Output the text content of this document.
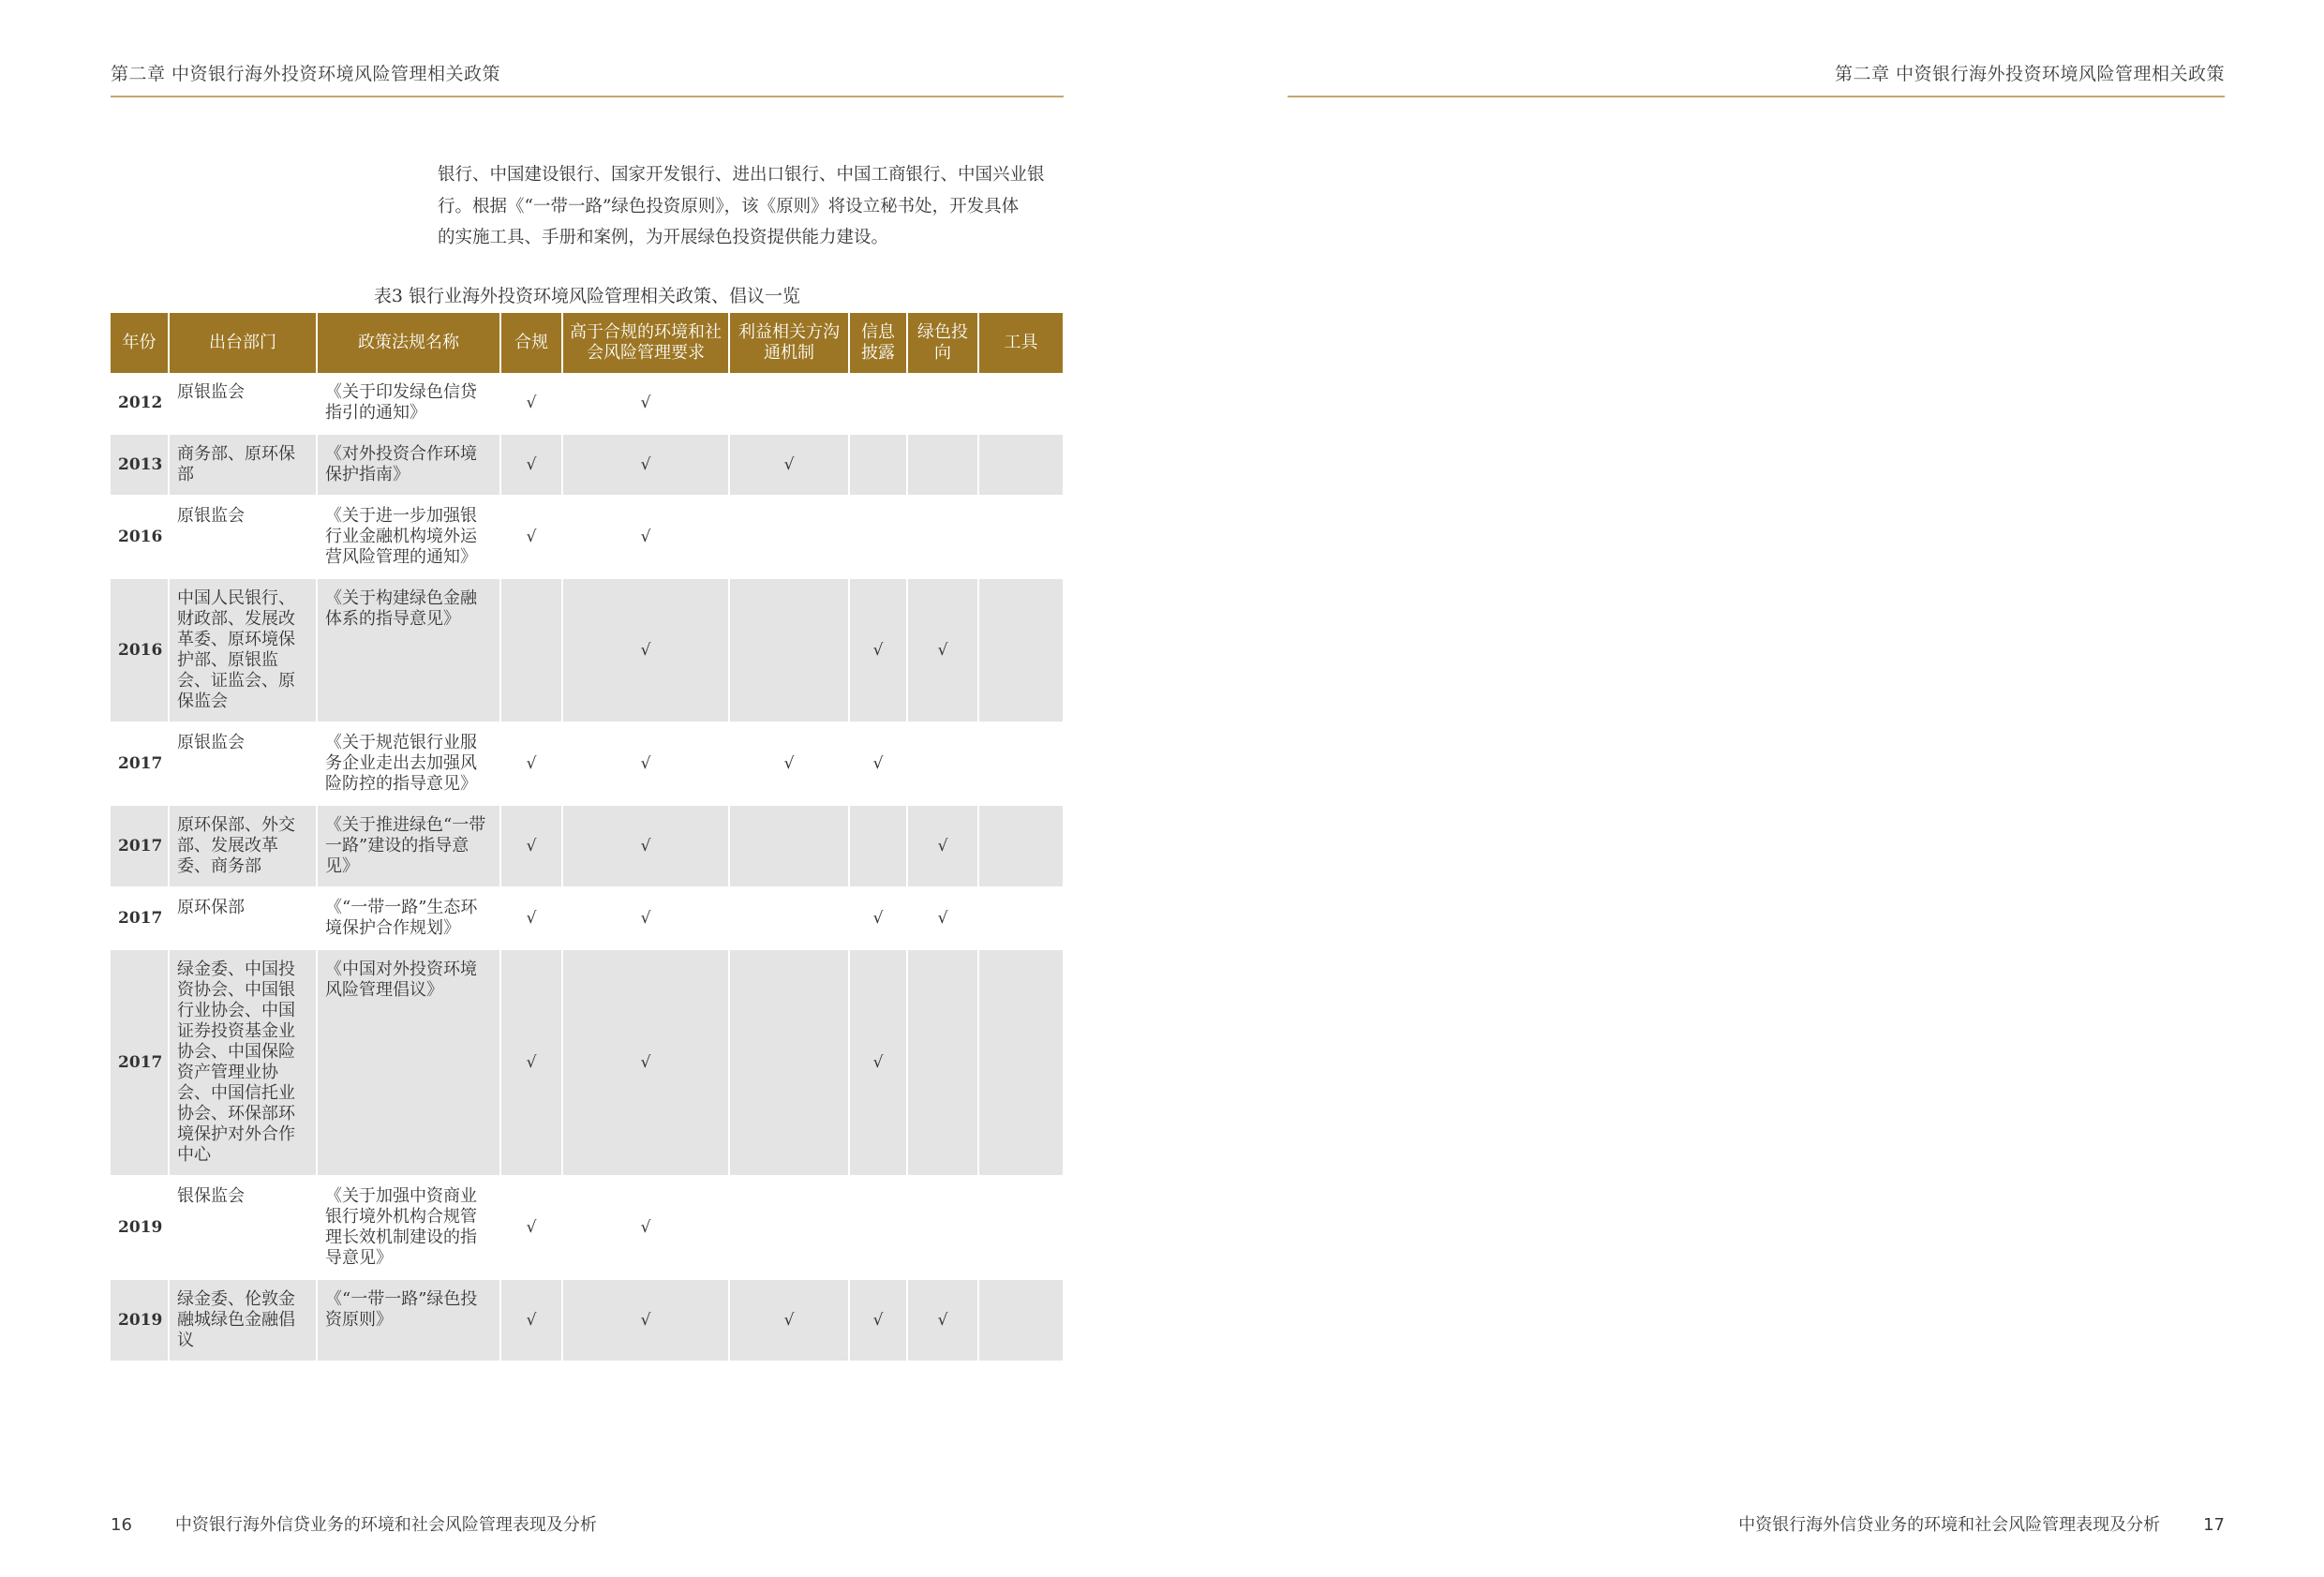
第二章 中资银行海外投资环境风险管理相关政策

银行、中国建设银行、国家开发银行、进出口银行、中国工商银行、中国兴业银

行。根据《“一带一路”绿色投资原则》，该《原则》将设立秘书处，开发具体

的实施工具、手册和案例，为开展绿色投资提供能力建设。

表3 银行业海外投资环境风险管理相关政策、倡议一览
年份	出台部门	政策法规名称	合规	高于合规的环境和社会风险管理要求	利益相关方沟通机制	信息披露	绿色投向	工具
2012	原银监会	《关于印发绿色信贷指引的通知》	√	√				
2013	商务部、原环保部	《对外投资合作环境保护指南》	√	√	√			
2016	原银监会	《关于进一步加强银行业金融机构境外运营风险管理的通知》	√	√				
2016	中国人民银行、财政部、发展改革委、原环境保护部、原银监会、证监会、原保监会	《关于构建绿色金融体系的指导意见》		√		√	√	
2017	原银监会	《关于规范银行业服务企业走出去加强风险防控的指导意见》	√	√	√	√		
2017	原环保部、外交部、发展改革委、商务部	《关于推进绿色“一带一路”建设的指导意见》	√	√			√	
2017	原环保部	《“一带一路”生态环境保护合作规划》	√	√		√	√	
2017	绿金委、中国投资协会、中国银行业协会、中国证券投资基金业协会、中国保险资产管理业协会、中国信托业协会、环保部环境保护对外合作中心	《中国对外投资环境风险管理倡议》	√	√		√		
2019	银保监会	《关于加强中资商业银行境外机构合规管理长效机制建设的指导意见》	√	√				
2019	绿金委、伦敦金融城绿色金融倡议	《“一带一路”绿色投资原则》	√	√	√	√	√	
16	中资银行海外信贷业务的环境和社会风险管理表现及分析
第二章 中资银行海外投资环境风险管理相关政策

中资银行海外信贷业务的环境和社会风险管理表现及分析	17
